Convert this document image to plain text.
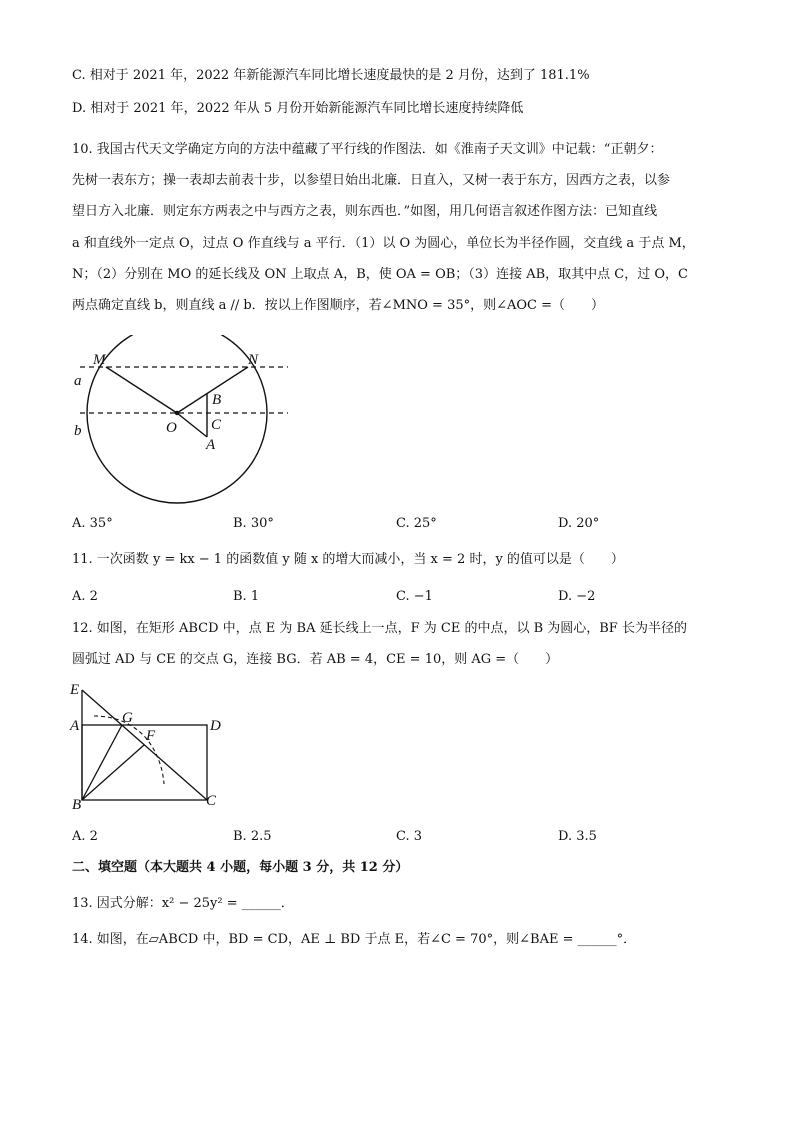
C. 相对于 2021 年，2022 年新能源汽车同比增长速度最快的是 2 月份，达到了 181.1%
D. 相对于 2021 年，2022 年从 5 月份开始新能源汽车同比增长速度持续降低
10. 我国古代天文学确定方向的方法中蕴藏了平行线的作图法．如《淮南子天文训》中记载：“正朝夕：
先树一表东方；操一表却去前表十步，以参望日始出北廉．日直入，又树一表于东方，因西方之表，以参
望日方入北廉．则定东方两表之中与西方之表，则东西也．”如图，用几何语言叙述作图方法：已知直线
a 和直线外一定点 O，过点 O 作直线与 a 平行．（1）以 O 为圆心，单位长为半径作圆，交直线 a 于点 M，
N；（2）分别在 MO 的延长线及 ON 上取点 A，B，使 OA = OB；（3）连接 AB，取其中点 C，过 O，C
两点确定直线 b，则直线 a // b．按以上作图顺序，若∠MNO = 35°，则∠AOC =（　　）
M	N
a
b	O
B
C
A
A. 35°	B. 30°	C. 25°	D. 20°
11. 一次函数 y = kx − 1 的函数值 y 随 x 的增大而减小，当 x = 2 时，y 的值可以是（　　）
A. 2	B. 1	C. −1	D. −2
12. 如图，在矩形 ABCD 中，点 E 为 BA 延长线上一点，F 为 CE 的中点，以 B 为圆心，BF 长为半径的
圆弧过 AD 与 CE 的交点 G，连接 BG．若 AB = 4，CE = 10，则 AG =（　　）
E
A	G	D
F
B	C
A. 2	B. 2.5	C. 3	D. 3.5
二、填空题（本大题共 4 小题，每小题 3 分，共 12 分）
13. 因式分解：x² − 25y² = ______．
14. 如图，在▱ABCD 中，BD = CD，AE ⊥ BD 于点 E，若∠C = 70°，则∠BAE = ______°．
